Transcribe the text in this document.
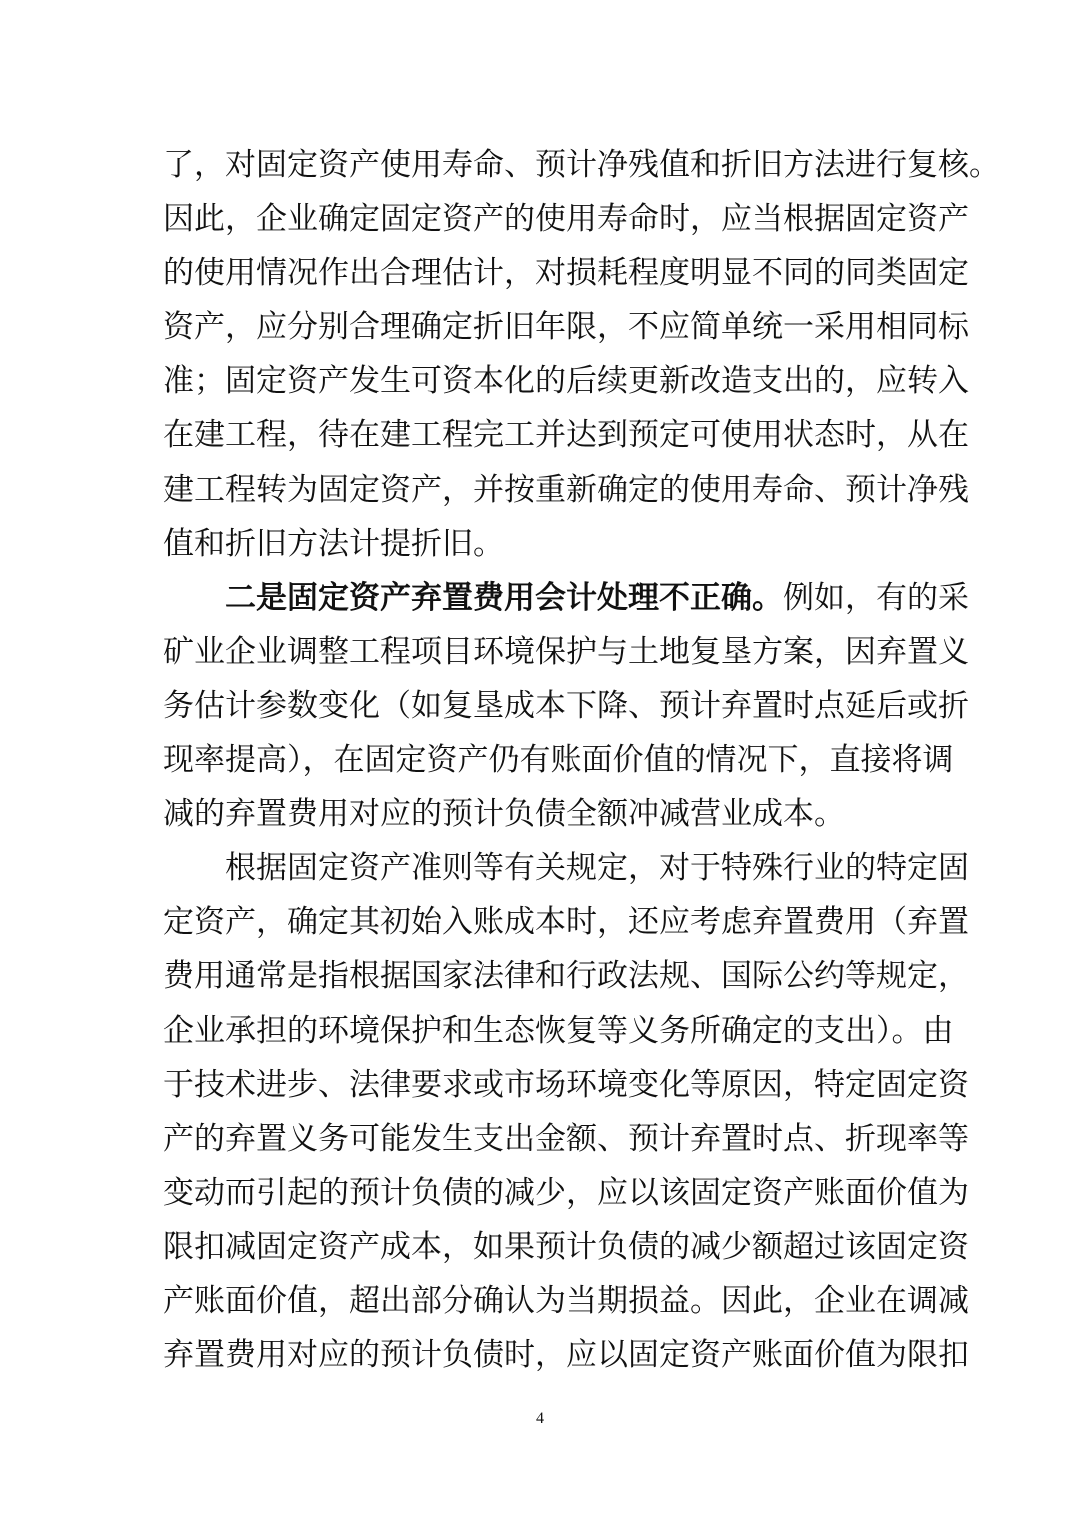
了，对固定资产使用寿命、预计净残值和折旧方法进行复核。
因此，企业确定固定资产的使用寿命时，应当根据固定资产
的使用情况作出合理估计，对损耗程度明显不同的同类固定
资产，应分别合理确定折旧年限，不应简单统一采用相同标
准；固定资产发生可资本化的后续更新改造支出的，应转入
在建工程，待在建工程完工并达到预定可使用状态时，从在
建工程转为固定资产，并按重新确定的使用寿命、预计净残
值和折旧方法计提折旧。
二是固定资产弃置费用会计处理不正确。例如，有的采
矿业企业调整工程项目环境保护与土地复垦方案，因弃置义
务估计参数变化（如复垦成本下降、预计弃置时点延后或折
现率提高），在固定资产仍有账面价值的情况下，直接将调
减的弃置费用对应的预计负债全额冲减营业成本。
根据固定资产准则等有关规定，对于特殊行业的特定固
定资产，确定其初始入账成本时，还应考虑弃置费用（弃置
费用通常是指根据国家法律和行政法规、国际公约等规定，
企业承担的环境保护和生态恢复等义务所确定的支出）。由
于技术进步、法律要求或市场环境变化等原因，特定固定资
产的弃置义务可能发生支出金额、预计弃置时点、折现率等
变动而引起的预计负债的减少，应以该固定资产账面价值为
限扣减固定资产成本，如果预计负债的减少额超过该固定资
产账面价值，超出部分确认为当期损益。因此，企业在调减
弃置费用对应的预计负债时，应以固定资产账面价值为限扣
4
